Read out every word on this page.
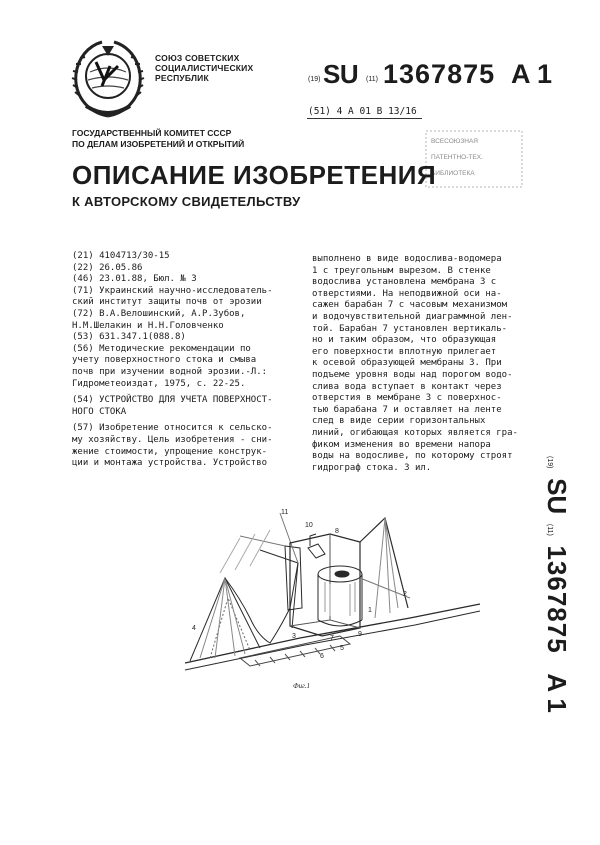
СОЮЗ СОВЕТСКИХ
СОЦИАЛИСТИЧЕСКИХ
РЕСПУБЛИК	(19) SU (11) 1367875 A 1
(51) 4 A 01 B 13/16
ГОСУДАРСТВЕННЫЙ КОМИТЕТ СССР
ПО ДЕЛАМ ИЗОБРЕТЕНИЙ И ОТКРЫТИЙ	ВСЕСОЮЗНАЯ
ПАТЕНТНО-ТЕХ.
БИБЛИОТЕКА
ОПИСАНИЕ ИЗОБРЕТЕНИЯ
К АВТОРСКОМУ СВИДЕТЕЛЬСТВУ
(21) 4104713/30-15
(22) 26.05.86
(46) 23.01.88, Бюл. № 3
(71) Украинский научно-исследователь-
ский институт защиты почв от эрозии
(72) В.А.Велошинский, А.Р.Зубов,
Н.М.Шелакин и Н.Н.Головченко
(53) 631.347.1(088.8)
(56) Методические рекомендации по
учету поверхностного стока и смыва
почв при изучении водной эрозии.-Л.:
Гидрометеоиздат, 1975, с. 22-25.
(54) УСТРОЙСТВО ДЛЯ УЧЕТА ПОВЕРХНОСТ-
НОГО СТОКА
(57) Изобретение относится к сельско-
му хозяйству. Цель изобретения - сни-
жение стоимости, упрощение конструк-
ции и монтажа устройства. Устройство
выполнено в виде водослива-водомера
1 с треугольным вырезом. В стенке
водослива установлена мембрана 3 с
отверстиями. На неподвижной оси на-
сажен барабан 7 с часовым механизмом
и водочувствительной диаграммной лен-
той. Барабан 7 установлен вертикаль-
но и таким образом, что образующая
его поверхности вплотную прилегает
к осевой образующей мембраны 3. При
подъеме уровня воды над порогом водо-
слива вода вступает в контакт через
отверстия в мембране 3 с поверхнос-
тью барабана 7 и оставляет на ленте
след в виде серии горизонтальных
линий, огибающая которых является гра-
фиком изменения во времени напора
воды на водосливе, по которому строят
гидрограф стока. 3 ил.	(19) SU (11) 1367875 A 1
10
11
8
9
7
3
1
2
5
6
4
Фиг.1
